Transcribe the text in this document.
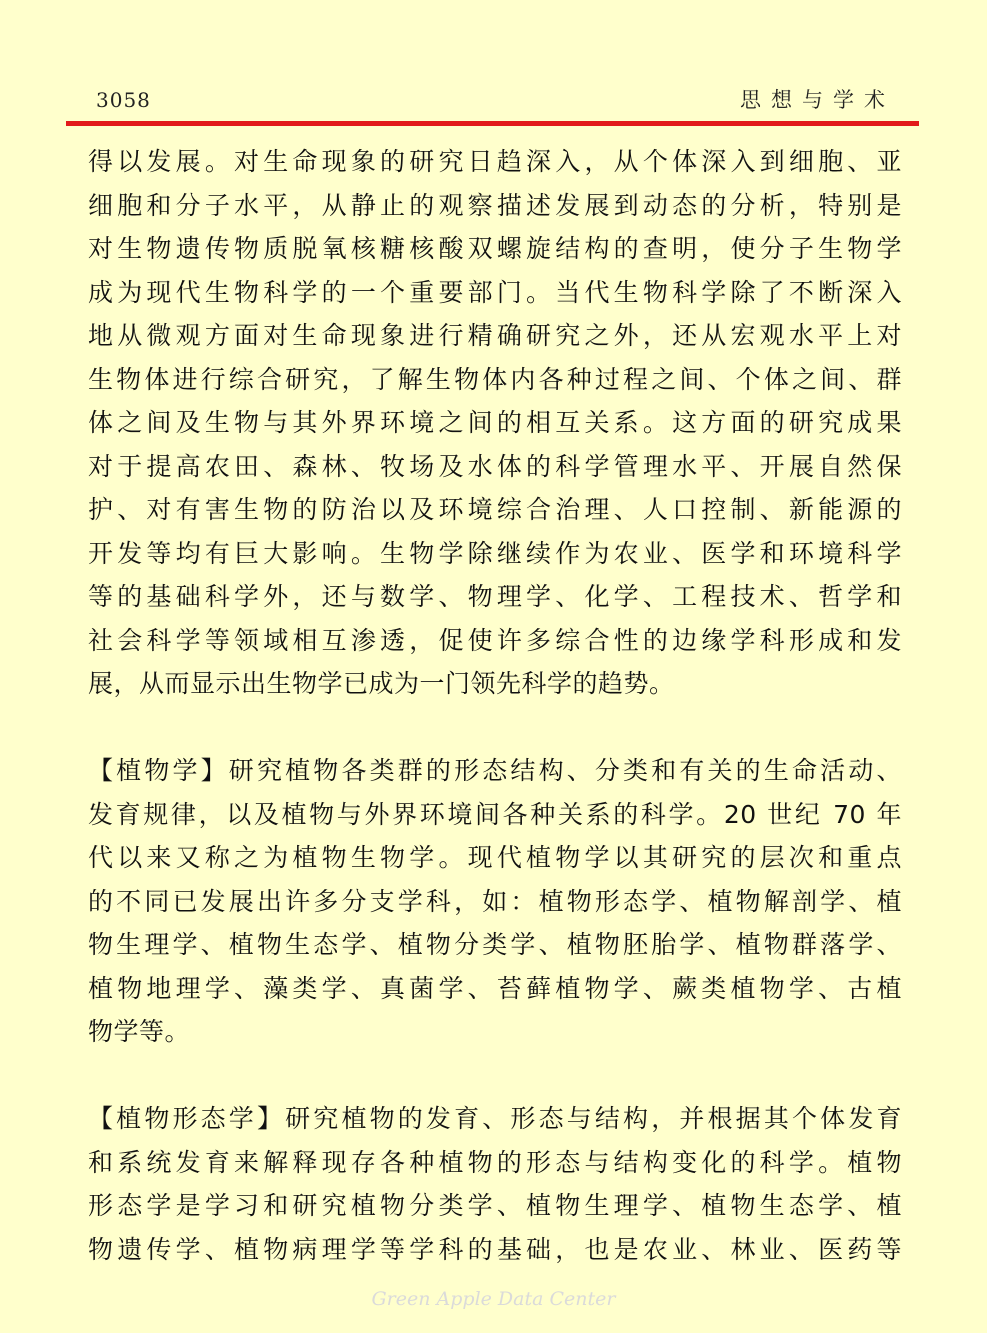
3058	思想与学术
得以发展。对生命现象的研究日趋深入，从个体深入到细胞、亚
细胞和分子水平，从静止的观察描述发展到动态的分析，特别是
对生物遗传物质脱氧核糖核酸双螺旋结构的查明，使分子生物学
成为现代生物科学的一个重要部门。当代生物科学除了不断深入
地从微观方面对生命现象进行精确研究之外，还从宏观水平上对
生物体进行综合研究，了解生物体内各种过程之间、个体之间、群
体之间及生物与其外界环境之间的相互关系。这方面的研究成果
对于提高农田、森林、牧场及水体的科学管理水平、开展自然保
护、对有害生物的防治以及环境综合治理、人口控制、新能源的
开发等均有巨大影响。生物学除继续作为农业、医学和环境科学
等的基础科学外，还与数学、物理学、化学、工程技术、哲学和
社会科学等领域相互渗透，促使许多综合性的边缘学科形成和发
展，从而显示出生物学已成为一门领先科学的趋势。
【植物学】研究植物各类群的形态结构、分类和有关的生命活动、
发育规律，以及植物与外界环境间各种关系的科学。20 世纪 70 年
代以来又称之为植物生物学。现代植物学以其研究的层次和重点
的不同已发展出许多分支学科，如：植物形态学、植物解剖学、植
物生理学、植物生态学、植物分类学、植物胚胎学、植物群落学、
植物地理学、藻类学、真菌学、苔藓植物学、蕨类植物学、古植
物学等。
【植物形态学】研究植物的发育、形态与结构，并根据其个体发育
和系统发育来解释现存各种植物的形态与结构变化的科学。植物
形态学是学习和研究植物分类学、植物生理学、植物生态学、植
物遗传学、植物病理学等学科的基础，也是农业、林业、医药等
Green Apple Data Center
